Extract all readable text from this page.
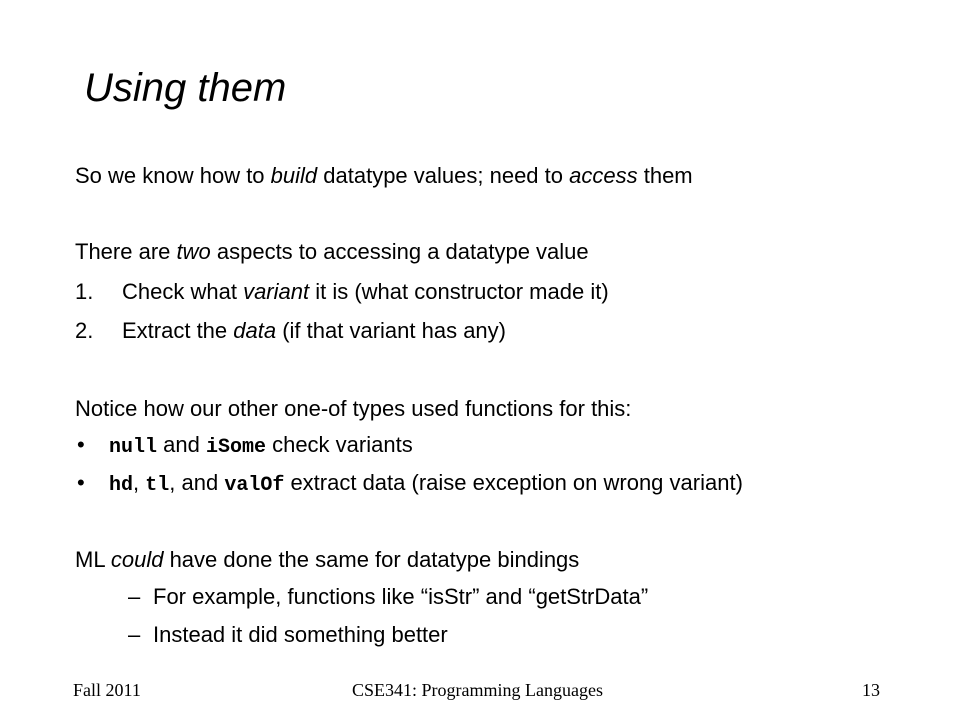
Using them
So we know how to build datatype values; need to access them
There are two aspects to accessing a datatype value
1. Check what variant it is (what constructor made it)
2. Extract the data (if that variant has any)
Notice how our other one-of types used functions for this:
• null and iSome check variants
• hd, tl, and valOf extract data (raise exception on wrong variant)
ML could have done the same for datatype bindings
– For example, functions like “isStr” and “getStrData”
– Instead it did something better
Fall 2011	CSE341: Programming Languages	13
